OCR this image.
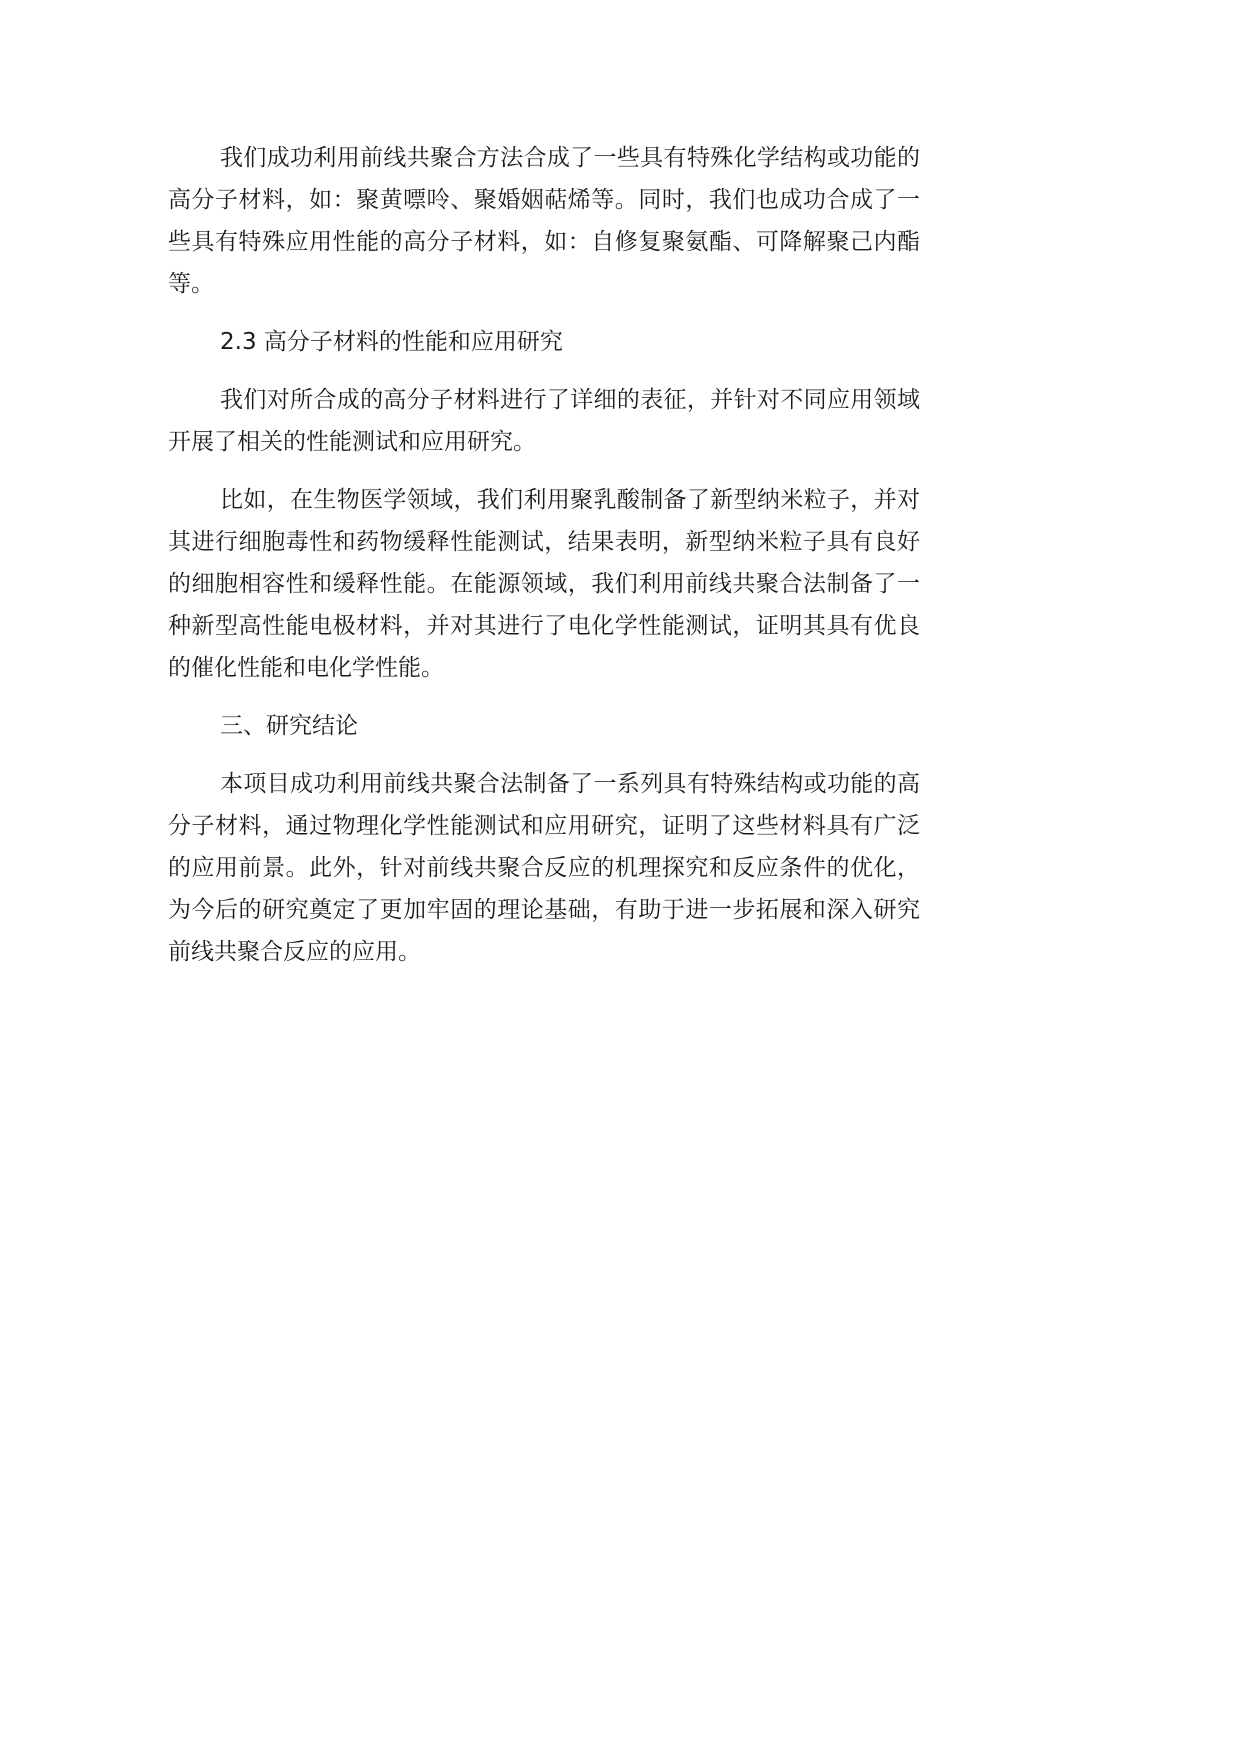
我们成功利用前线共聚合方法合成了一些具有特殊化学结构或功能的高分子材料，如：聚黄嘌呤、聚婚姻萜烯等。同时，我们也成功合成了一些具有特殊应用性能的高分子材料，如：自修复聚氨酯、可降解聚己内酯等。

2.3 高分子材料的性能和应用研究

我们对所合成的高分子材料进行了详细的表征，并针对不同应用领域开展了相关的性能测试和应用研究。

比如，在生物医学领域，我们利用聚乳酸制备了新型纳米粒子，并对其进行细胞毒性和药物缓释性能测试，结果表明，新型纳米粒子具有良好的细胞相容性和缓释性能。在能源领域，我们利用前线共聚合法制备了一种新型高性能电极材料，并对其进行了电化学性能测试，证明其具有优良的催化性能和电化学性能。

三、研究结论

本项目成功利用前线共聚合法制备了一系列具有特殊结构或功能的高分子材料，通过物理化学性能测试和应用研究，证明了这些材料具有广泛的应用前景。此外，针对前线共聚合反应的机理探究和反应条件的优化，为今后的研究奠定了更加牢固的理论基础，有助于进一步拓展和深入研究前线共聚合反应的应用。
